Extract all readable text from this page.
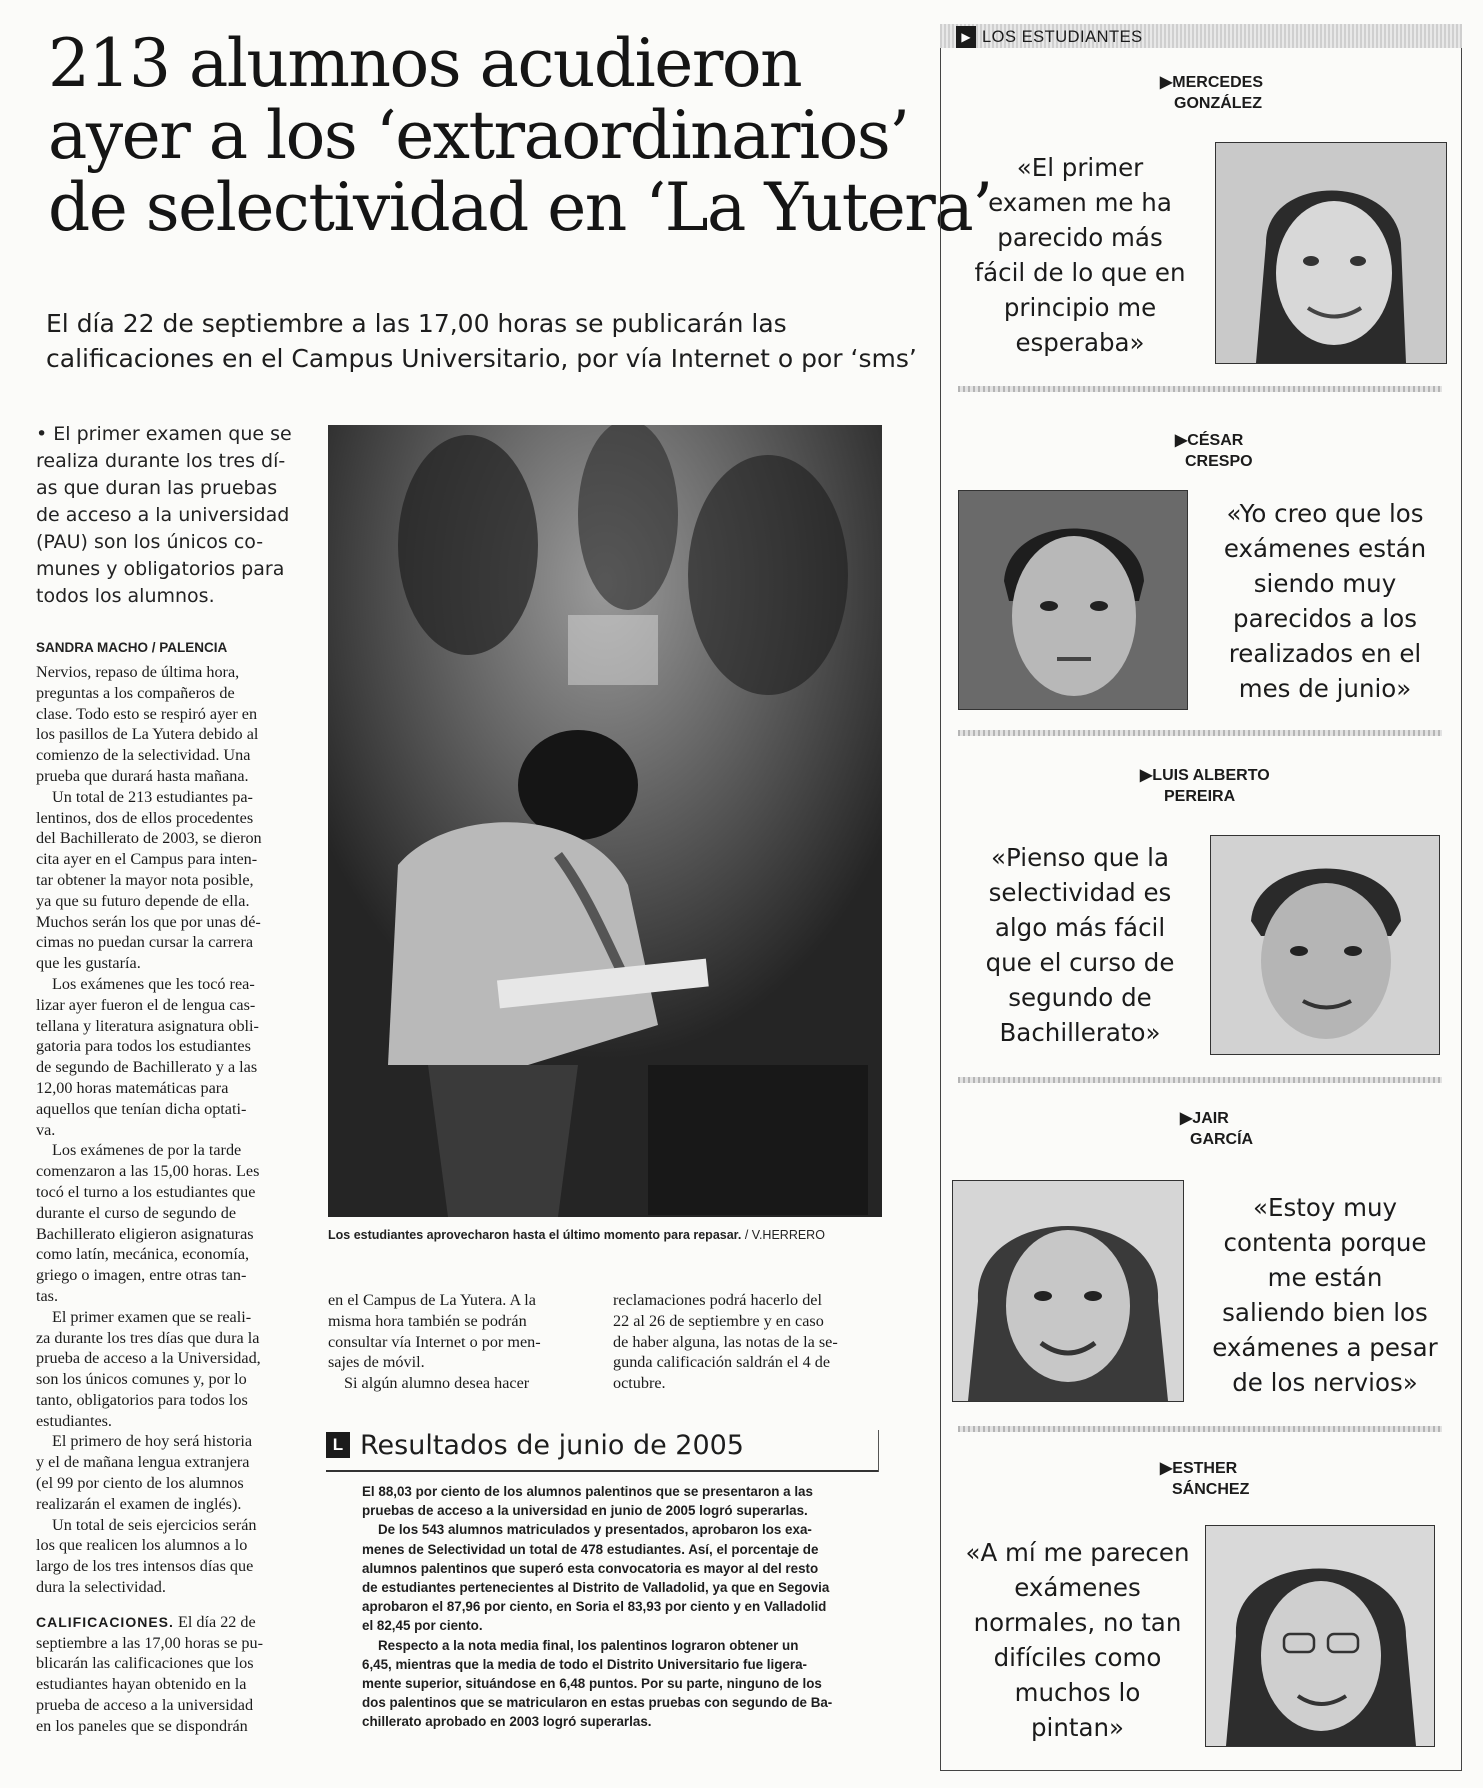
213 alumnos acudieron
ayer a los ‘extraordinarios’
de selectividad en ‘La Yutera’
El día 22 de septiembre a las 17,00 horas se publicarán las
calificaciones en el Campus Universitario, por vía Internet o por ‘sms’
• El primer examen que se
realiza durante los tres dí-
as que duran las pruebas
de acceso a la universidad
(PAU) son los únicos co-
munes y obligatorios para
todos los alumnos.
SANDRA MACHO / PALENCIA
Nervios, repaso de última hora,
preguntas a los compañeros de
clase. Todo esto se respiró ayer en
los pasillos de La Yutera debido al
comienzo de la selectividad. Una
prueba que durará hasta mañana.
Un total de 213 estudiantes pa-
lentinos, dos de ellos procedentes
del Bachillerato de 2003, se dieron
cita ayer en el Campus para inten-
tar obtener la mayor nota posible,
ya que su futuro depende de ella.
Muchos serán los que por unas dé-
cimas no puedan cursar la carrera
que les gustaría.
Los exámenes que les tocó rea-
lizar ayer fueron el de lengua cas-
tellana y literatura asignatura obli-
gatoria para todos los estudiantes
de segundo de Bachillerato y a las
12,00 horas matemáticas para
aquellos que tenían dicha optati-
va.
Los exámenes de por la tarde
comenzaron a las 15,00 horas. Les
tocó el turno a los estudiantes que
durante el curso de segundo de
Bachillerato eligieron asignaturas
como latín, mecánica, economía,
griego o imagen, entre otras tan-
tas.
El primer examen que se reali-
za durante los tres días que dura la
prueba de acceso a la Universidad,
son los únicos comunes y, por lo
tanto, obligatorios para todos los
estudiantes.
El primero de hoy será historia
y el de mañana lengua extranjera
(el 99 por ciento de los alumnos
realizarán el examen de inglés).
Un total de seis ejercicios serán
los que realicen los alumnos a lo
largo de los tres intensos días que
dura la selectividad.
CALIFICACIONES. El día 22 de
septiembre a las 17,00 horas se pu-
blicarán las calificaciones que los
estudiantes hayan obtenido en la
prueba de acceso a la universidad
en los paneles que se dispondrán
Los estudiantes aprovecharon hasta el último momento para repasar. / V.HERRERO
en el Campus de La Yutera. A la
misma hora también se podrán
consultar vía Internet o por men-
sajes de móvil.
Si algún alumno desea hacer
reclamaciones podrá hacerlo del
22 al 26 de septiembre y en caso
de haber alguna, las notas de la se-
gunda calificación saldrán el 4 de
octubre.
L Resultados de junio de 2005
El 88,03 por ciento de los alumnos palentinos que se presentaron a las
pruebas de acceso a la universidad en junio de 2005 logró superarlas.
De los 543 alumnos matriculados y presentados, aprobaron los exa-
menes de Selectividad un total de 478 estudiantes. Así, el porcentaje de
alumnos palentinos que superó esta convocatoria es mayor al del resto
de estudiantes pertenecientes al Distrito de Valladolid, ya que en Segovia
aprobaron el 87,96 por ciento, en Soria el 83,93 por ciento y en Valladolid
el 82,45 por ciento.
Respecto a la nota media final, los palentinos lograron obtener un
6,45, mientras que la media de todo el Distrito Universitario fue ligera-
mente superior, situándose en 6,48 puntos. Por su parte, ninguno de los
dos palentinos que se matricularon en estas pruebas con segundo de Ba-
chillerato aprobado en 2003 logró superarlas.
▶ LOS ESTUDIANTES
▶MERCEDES
GONZÁLEZ
«El primer
examen me ha
parecido más
fácil de lo que en
principio me
esperaba»
▶CÉSAR
CRESPO
«Yo creo que los
exámenes están
siendo muy
parecidos a los
realizados en el
mes de junio»
▶LUIS ALBERTO
PEREIRA
«Pienso que la
selectividad es
algo más fácil
que el curso de
segundo de
Bachillerato»
▶JAIR
GARCÍA
«Estoy muy
contenta porque
me están
saliendo bien los
exámenes a pesar
de los nervios»
▶ESTHER
SÁNCHEZ
«A mí me parecen
exámenes
normales, no tan
difíciles como
muchos lo
pintan»
